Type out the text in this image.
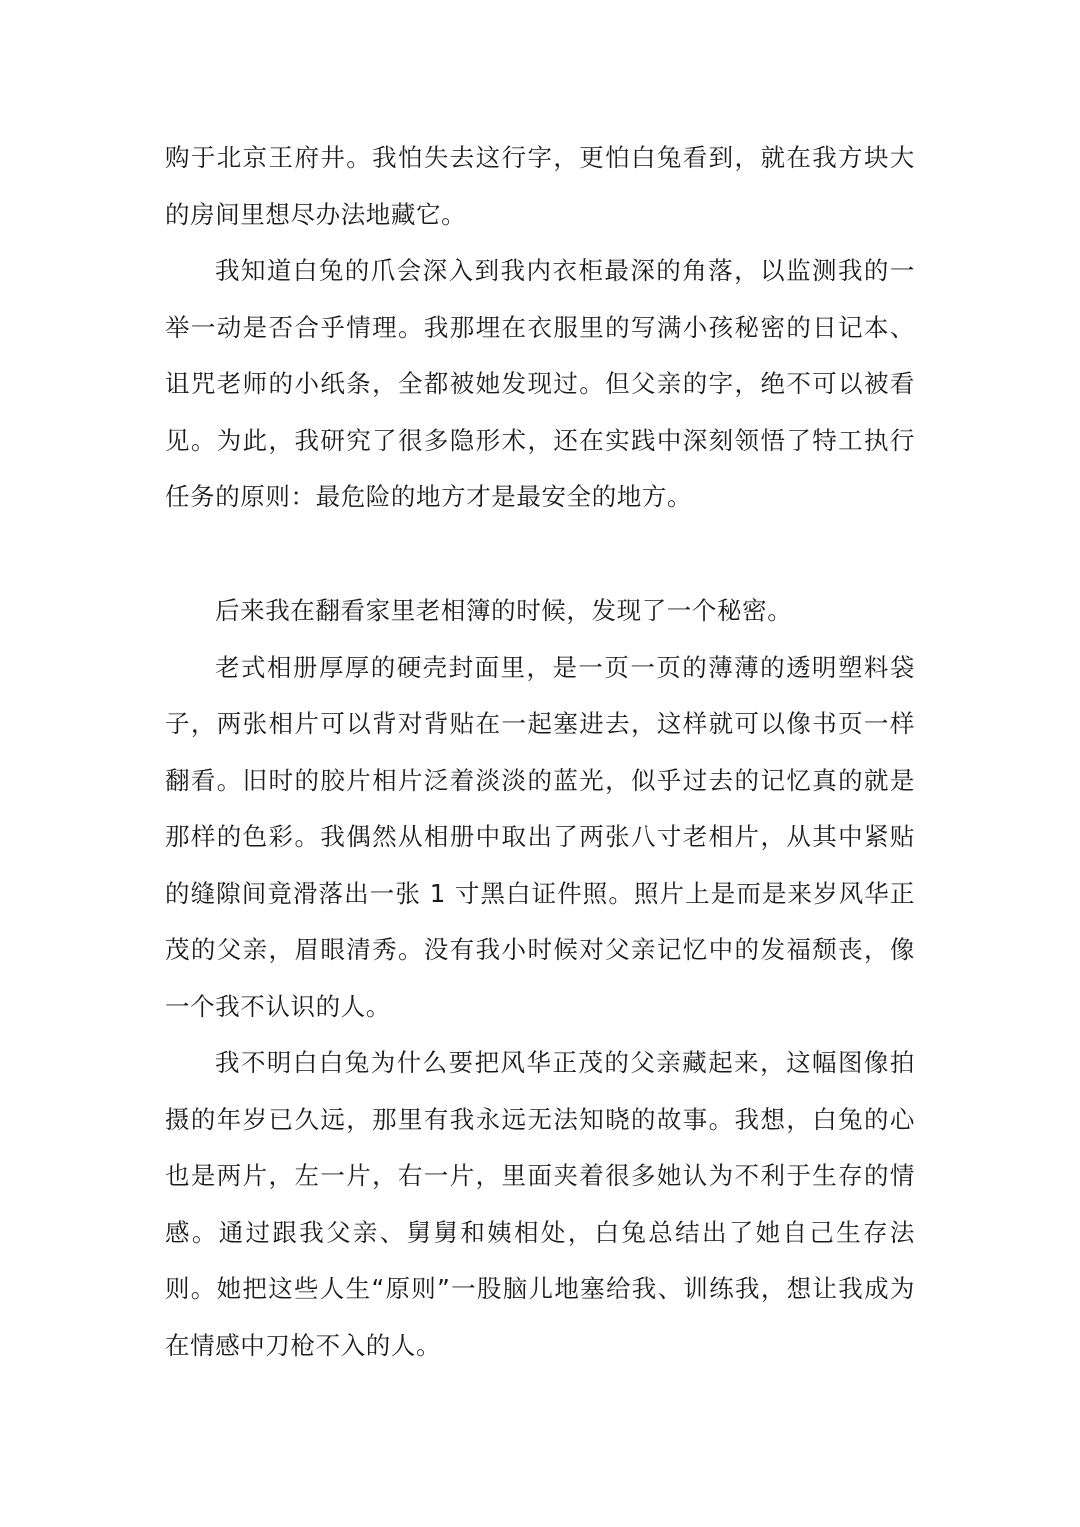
购于北京王府井。我怕失去这行字，更怕白兔看到，就在我方块大的房间里想尽办法地藏它。

我知道白兔的爪会深入到我内衣柜最深的角落，以监测我的一举一动是否合乎情理。我那埋在衣服里的写满小孩秘密的日记本、诅咒老师的小纸条，全都被她发现过。但父亲的字，绝不可以被看见。为此，我研究了很多隐形术，还在实践中深刻领悟了特工执行任务的原则：最危险的地方才是最安全的地方。

后来我在翻看家里老相簿的时候，发现了一个秘密。

老式相册厚厚的硬壳封面里，是一页一页的薄薄的透明塑料袋子，两张相片可以背对背贴在一起塞进去，这样就可以像书页一样翻看。旧时的胶片相片泛着淡淡的蓝光，似乎过去的记忆真的就是那样的色彩。我偶然从相册中取出了两张八寸老相片，从其中紧贴的缝隙间竟滑落出一张 1 寸黑白证件照。照片上是而是来岁风华正茂的父亲，眉眼清秀。没有我小时候对父亲记忆中的发福颓丧，像一个我不认识的人。

我不明白白兔为什么要把风华正茂的父亲藏起来，这幅图像拍摄的年岁已久远，那里有我永远无法知晓的故事。我想，白兔的心也是两片，左一片，右一片，里面夹着很多她认为不利于生存的情感。通过跟我父亲、舅舅和姨相处，白兔总结出了她自己生存法则。她把这些人生“原则”一股脑儿地塞给我、训练我，想让我成为在情感中刀枪不入的人。
